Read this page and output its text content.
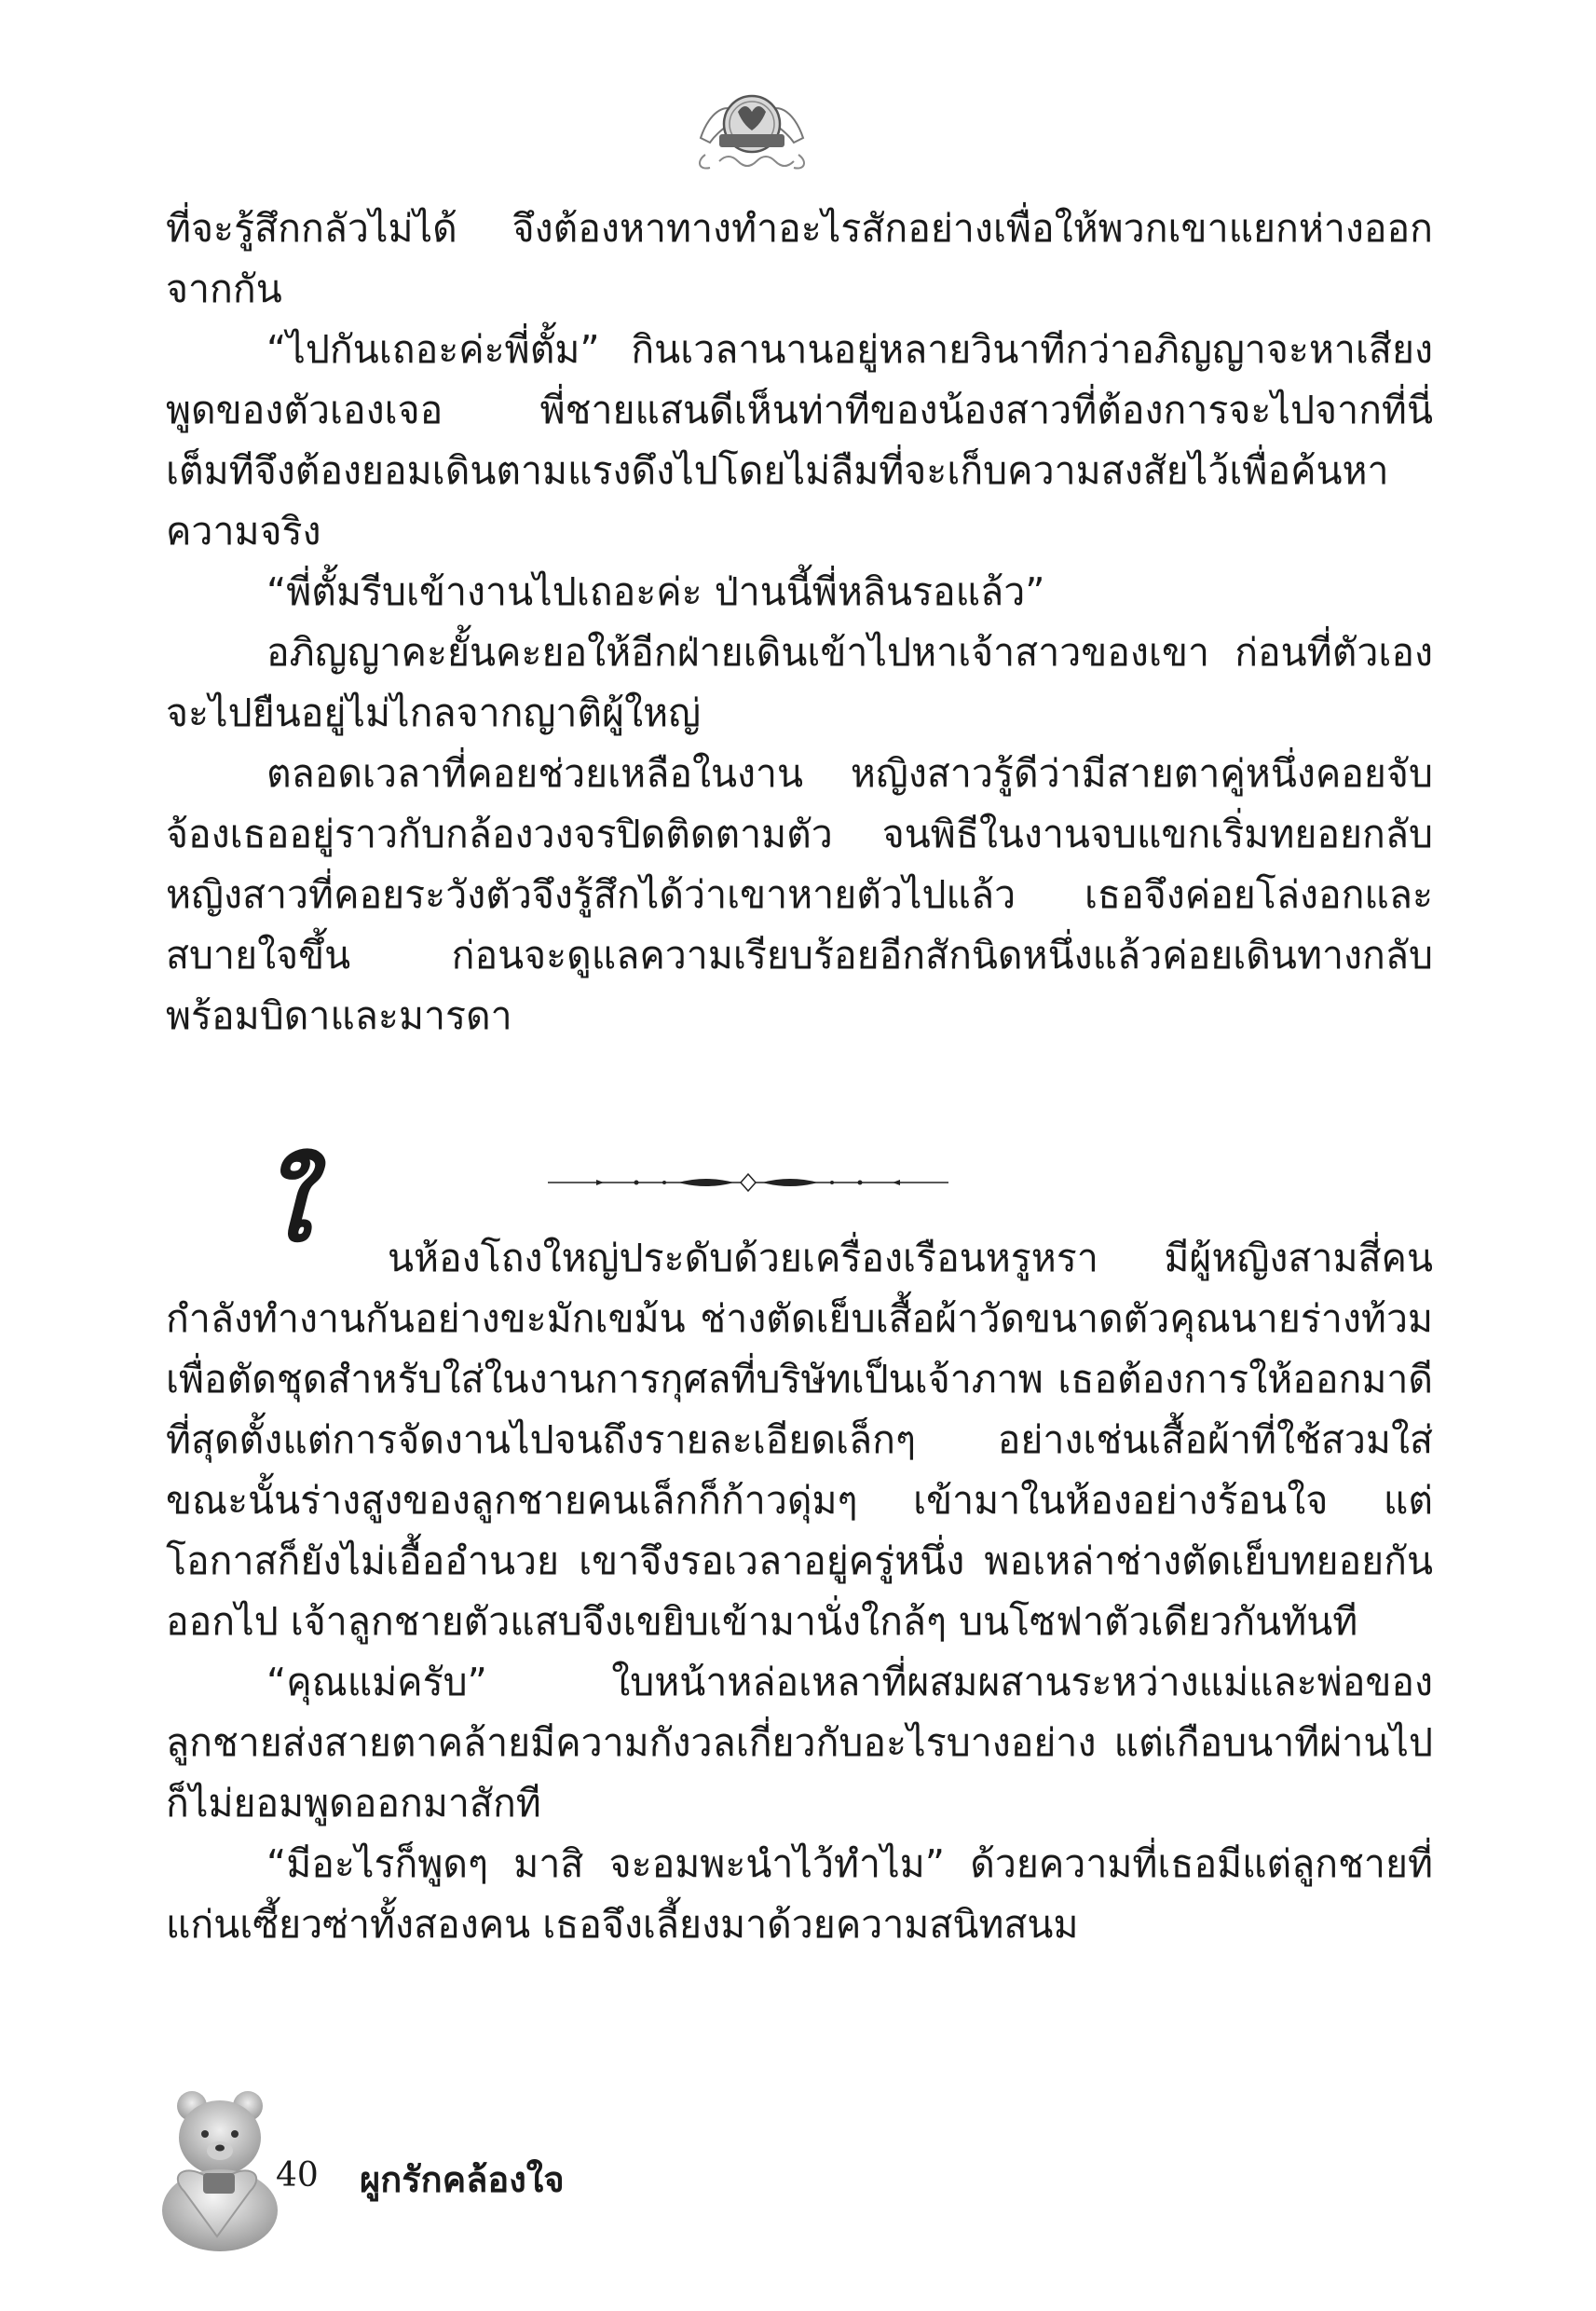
ที่จะรู้สึกกลัวไม่ได้ จึงต้องหาทางทำอะไรสักอย่างเพื่อให้พวกเขาแยกห่างออกจากกัน

“ไปกันเถอะค่ะพี่ตั้ม” กินเวลานานอยู่หลายวินาทีกว่าอภิญญาจะหาเสียงพูดของตัวเองเจอ พี่ชายแสนดีเห็นท่าทีของน้องสาวที่ต้องการจะไปจากที่นี่เต็มทีจึงต้องยอมเดินตามแรงดึงไปโดยไม่ลืมที่จะเก็บความสงสัยไว้เพื่อค้นหาความจริง

“พี่ตั้มรีบเข้างานไปเถอะค่ะ ป่านนี้พี่หลินรอแล้ว”

อภิญญาคะยั้นคะยอให้อีกฝ่ายเดินเข้าไปหาเจ้าสาวของเขา ก่อนที่ตัวเองจะไปยืนอยู่ไม่ไกลจากญาติผู้ใหญ่

ตลอดเวลาที่คอยช่วยเหลือในงาน หญิงสาวรู้ดีว่ามีสายตาคู่หนึ่งคอยจับจ้องเธออยู่ราวกับกล้องวงจรปิดติดตามตัว จนพิธีในงานจบแขกเริ่มทยอยกลับ หญิงสาวที่คอยระวังตัวจึงรู้สึกได้ว่าเขาหายตัวไปแล้ว เธอจึงค่อยโล่งอกและสบายใจขึ้น ก่อนจะดูแลความเรียบร้อยอีกสักนิดหนึ่งแล้วค่อยเดินทางกลับพร้อมบิดาและมารดา

ใ นห้องโถงใหญ่ประดับด้วยเครื่องเรือนหรูหรา มีผู้หญิงสามสี่คนกำลังทำงานกันอย่างขะมักเขม้น ช่างตัดเย็บเสื้อผ้าวัดขนาดตัวคุณนายร่างท้วมเพื่อตัดชุดสำหรับใส่ในงานการกุศลที่บริษัทเป็นเจ้าภาพ เธอต้องการให้ออกมาดีที่สุดตั้งแต่การจัดงานไปจนถึงรายละเอียดเล็กๆ อย่างเช่นเสื้อผ้าที่ใช้สวมใส่ ขณะนั้นร่างสูงของลูกชายคนเล็กก็ก้าวดุ่มๆ เข้ามาในห้องอย่างร้อนใจ แต่โอกาสก็ยังไม่เอื้ออำนวย เขาจึงรอเวลาอยู่ครู่หนึ่ง พอเหล่าช่างตัดเย็บทยอยกันออกไป เจ้าลูกชายตัวแสบจึงเขยิบเข้ามานั่งใกล้ๆ บนโซฟาตัวเดียวกันทันที

“คุณแม่ครับ” ใบหน้าหล่อเหลาที่ผสมผสานระหว่างแม่และพ่อของลูกชายส่งสายตาคล้ายมีความกังวลเกี่ยวกับอะไรบางอย่าง แต่เกือบนาทีผ่านไปก็ไม่ยอมพูดออกมาสักที

“มีอะไรก็พูดๆ มาสิ จะอมพะนำไว้ทำไม” ด้วยความที่เธอมีแต่ลูกชายที่แก่นเซี้ยวซ่าทั้งสองคน เธอจึงเลี้ยงมาด้วยความสนิทสนม

40 ผูกรักคล้องใจ
